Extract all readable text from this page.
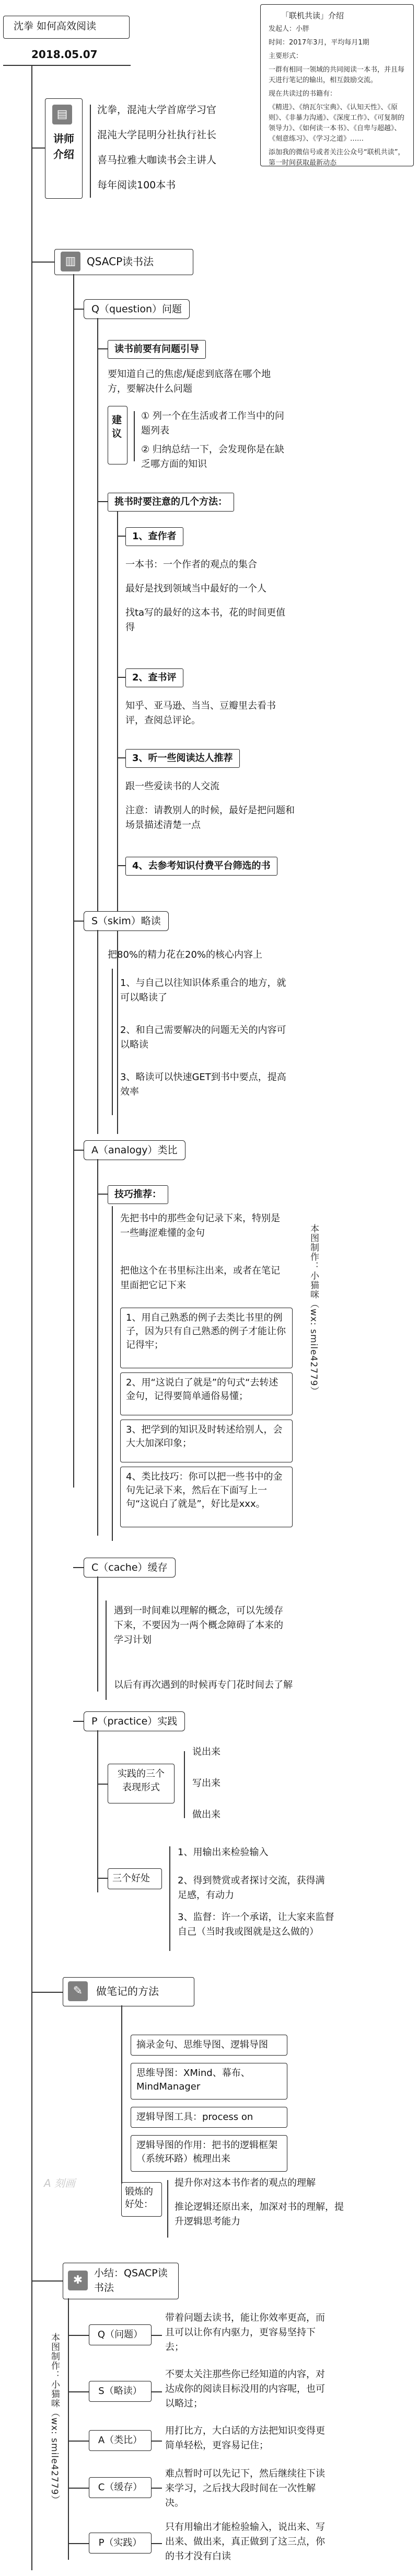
沈拳 如何高效阅读
2018.05.07
「联机共读」介绍
发起人：小胖
时间：2017年3月，平均每月1期
主要形式：
一群有相同一领域的共同阅读一本书，并且每天进行笔记的输出，相互鼓励交流。
现在共读过的书籍有：
《精进》、《纳瓦尔宝典》、《认知天性》、《原则》、《非暴力沟通》、《深度工作》、《可复制的领导力》、《如何读一本书》、《自卑与超越》、《刻意练习》、《学习之道》……
添加我的微信号或者关注公众号“联机共读”，第一时间获取最新动态
▤
讲师介绍
沈拳，混沌大学首席学习官
混沌大学昆明分社执行社长
喜马拉雅大咖读书会主讲人
每年阅读100本书
▥	QSACP读书法
Q（question）问题
读书前要有问题引导
要知道自己的焦虑/疑虑到底落在哪个地方，要解决什么问题
建议
① 列一个在生活或者工作当中的问题列表
② 归纳总结一下，会发现你是在缺乏哪方面的知识
挑书时要注意的几个方法：
1、查作者
一本书：一个作者的观点的集合
最好是找到领域当中最好的一个人
找ta写的最好的这本书，花的时间更值得
2、查书评
知乎、亚马逊、当当、豆瓣里去看书评，查阅总评论。
3、听一些阅读达人推荐
跟一些爱读书的人交流
注意：请教别人的时候，最好是把问题和场景描述清楚一点
4、去参考知识付费平台筛选的书
S（skim）略读
把80%的精力花在20%的核心内容上
1、与自己以往知识体系重合的地方，就可以略读了
2、和自己需要解决的问题无关的内容可以略读
3、略读可以快速GET到书中要点，提高效率
A（analogy）类比
技巧推荐：
先把书中的那些金句记录下来，特别是一些晦涩难懂的金句
把他这个在书里标注出来，或者在笔记里面把它记下来
1、用自己熟悉的例子去类比书里的例子，因为只有自己熟悉的例子才能让你记得牢；
2、用“这说白了就是”的句式“去转述金句，记得要简单通俗易懂；
3、把学到的知识及时转述给别人，会大大加深印象；
4、类比技巧：你可以把一些书中的金句先记录下来，然后在下面写上一句“这说白了就是”，好比是xxx。
本图制作：小猫咪（wx: smile42779）
C（cache）缓存
遇到一时间难以理解的概念，可以先缓存下来，不要因为一两个概念障碍了本来的学习计划
以后有再次遇到的时候再专门花时间去了解
P（practice）实践
实践的三个表现形式
说出来
写出来
做出来
三个好处
1、用输出来检验输入
2、得到赞赏或者探讨交流，获得满足感，有动力
3、监督：许一个承诺，让大家来监督自己（当时我或图就是这么做的）
✎	做笔记的方法
摘录金句、思维导图、逻辑导图
思维导图：XMind、幕布、MindManager
逻辑导图工具：process on
逻辑导图的作用：把书的逻辑框架（系统环路）梳理出来
锻炼的好处：
提升你对这本书作者的观点的理解
推论逻辑还原出来，加深对书的理解，提升逻辑思考能力
A 刻画
✱
小结：QSACP读书法
Q（问题）
带着问题去读书，能让你效率更高，而且可以让你有内驱力，更容易坚持下去；
S（略读）
不要太关注那些你已经知道的内容，对达成你的阅读目标没用的内容呢，也可以略过；
A（类比）
用打比方，大白话的方法把知识变得更简单轻松，更容易记住；
C（缓存）
难点暂时可以先记下，然后继续往下读来学习，之后找大段时间在一次性解决。
P（实践）
只有用输出才能检验输入，说出来、写出来、做出来，真正做到了这三点，你的书才没有白读
本图制作：小猫咪（wx: smile42779）
